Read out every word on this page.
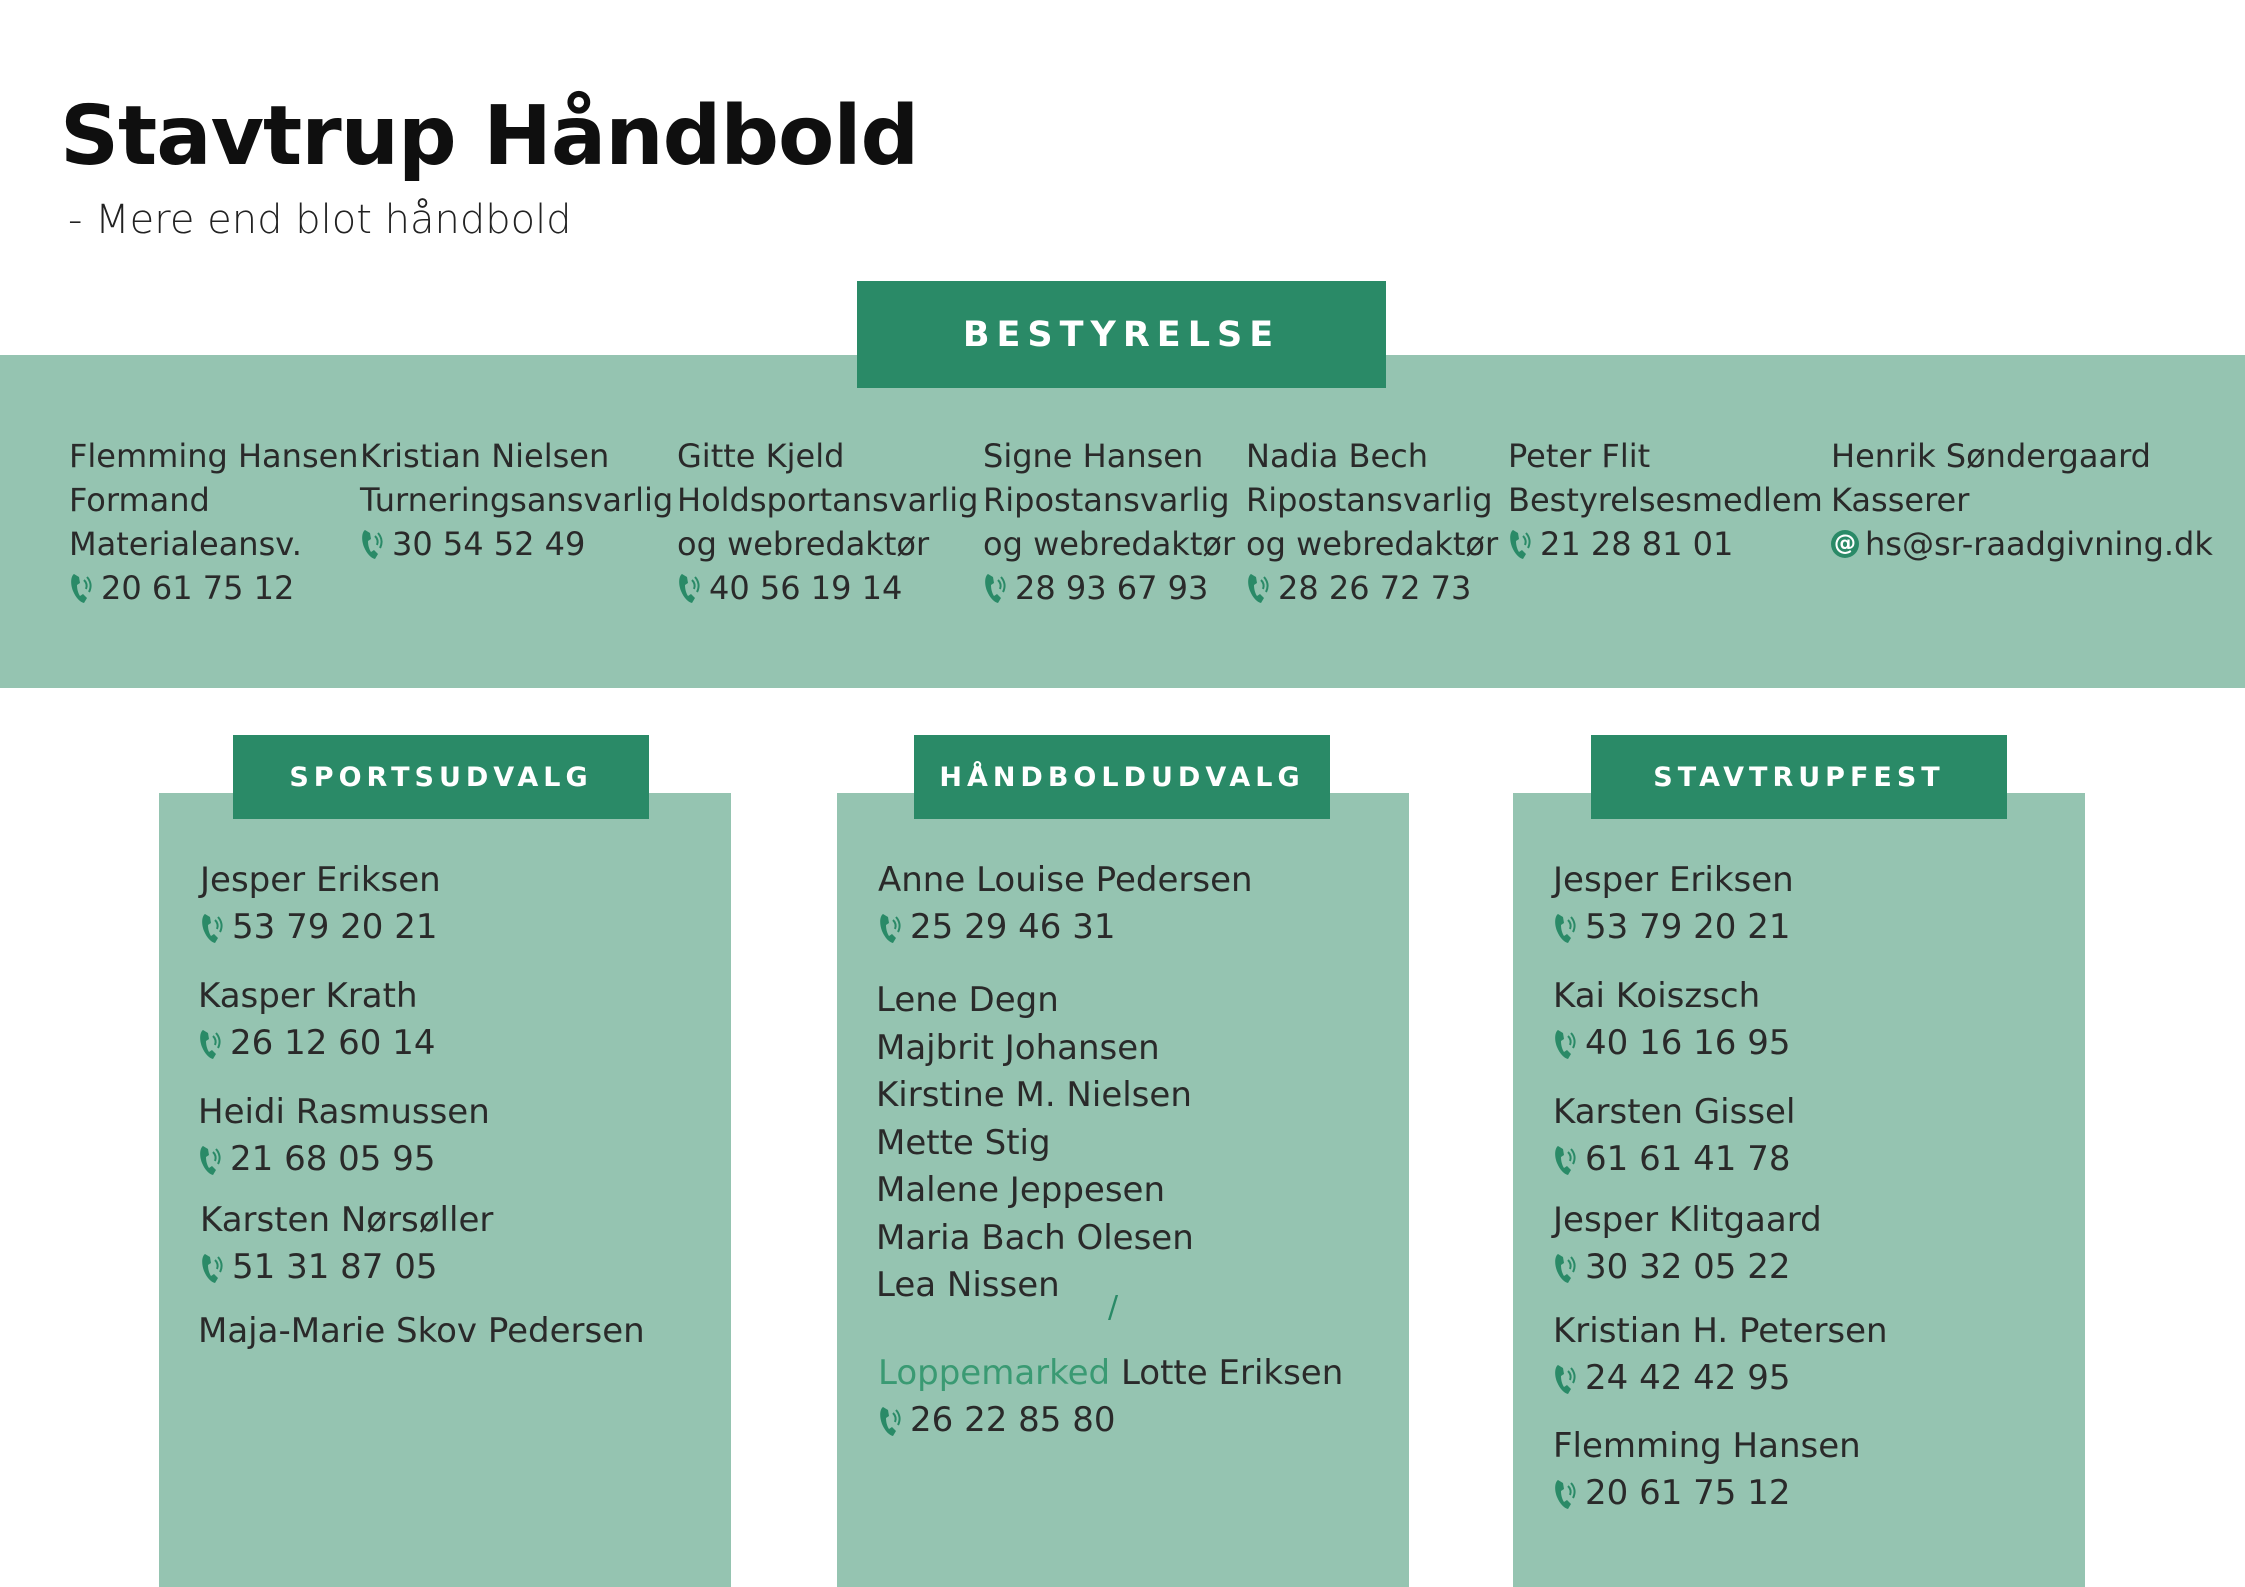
Stavtrup Håndbold
- Mere end blot håndbold
BESTYRELSE
Flemming Hansen
Formand
Materialeansv.
20 61 75 12
Kristian Nielsen
Turneringsansvarlig
30 54 52 49
Gitte Kjeld
Holdsportansvarlig
og webredaktør
40 56 19 14
Signe Hansen
Ripostansvarlig
og webredaktør
28 93 67 93
Nadia Bech
Ripostansvarlig
og webredaktør
28 26 72 73
Peter Flit
Bestyrelsesmedlem
21 28 81 01
Henrik Søndergaard
Kasserer
@ hs@sr-raadgivning.dk
SPORTSUDVALG	HÅNDBOLDUDVALG	STAVTRUPFEST
Jesper Eriksen
53 79 20 21
Kasper Krath
26 12 60 14
Heidi Rasmussen
21 68 05 95
Karsten Nørsøller
51 31 87 05
Maja-Marie Skov Pedersen
Anne Louise Pedersen
25 29 46 31
Lene Degn
Majbrit Johansen
Kirstine M. Nielsen
Mette Stig
Malene Jeppesen
Maria Bach Olesen
Lea Nissen
/
Loppemarked Lotte Eriksen
26 22 85 80
Jesper Eriksen
53 79 20 21
Kai Koiszsch
40 16 16 95
Karsten Gissel
61 61 41 78
Jesper Klitgaard
30 32 05 22
Kristian H. Petersen
24 42 42 95
Flemming Hansen
20 61 75 12
